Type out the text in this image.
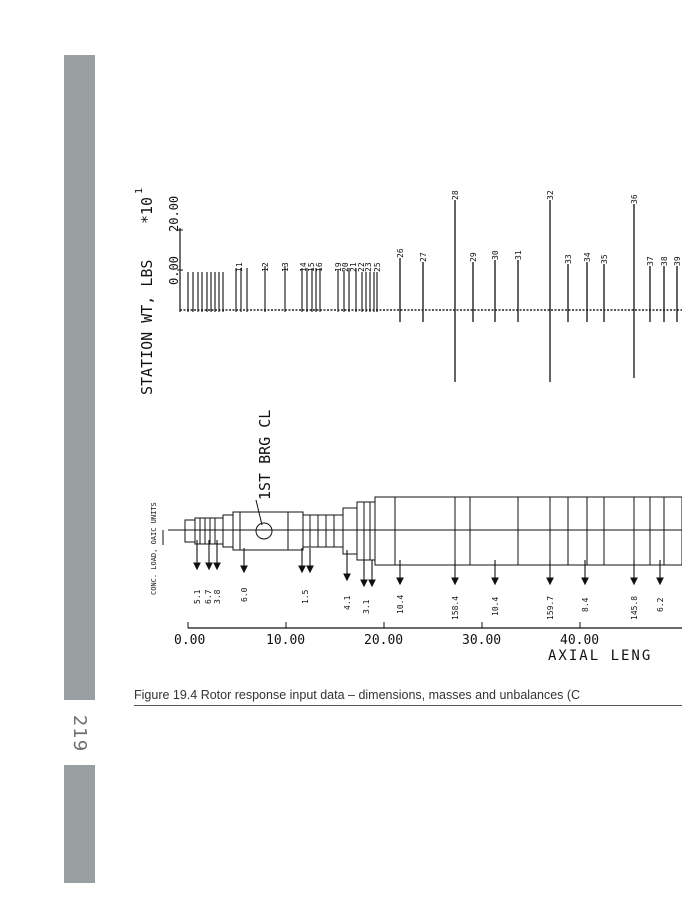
219
STATION WT, LBS
*10
1
0.00
20.00
11 12 13 14 15 16 19
20 21 22
23 25
26 27
28
29 30 31
32
33 34 35
36
37 38 39
1ST BRG CL
CONC. LOAD, OAIC UNITS
5.1 6.7 3.8 6.0	1.5	4.1 3.1	10.4	158.4	10.4	159.7	8.4	145.8 6.2
0.00	10.00	20.00	30.00	40.00
AXIAL LENG
Figure 19.4 Rotor response input data – dimensions, masses and unbalances (C
